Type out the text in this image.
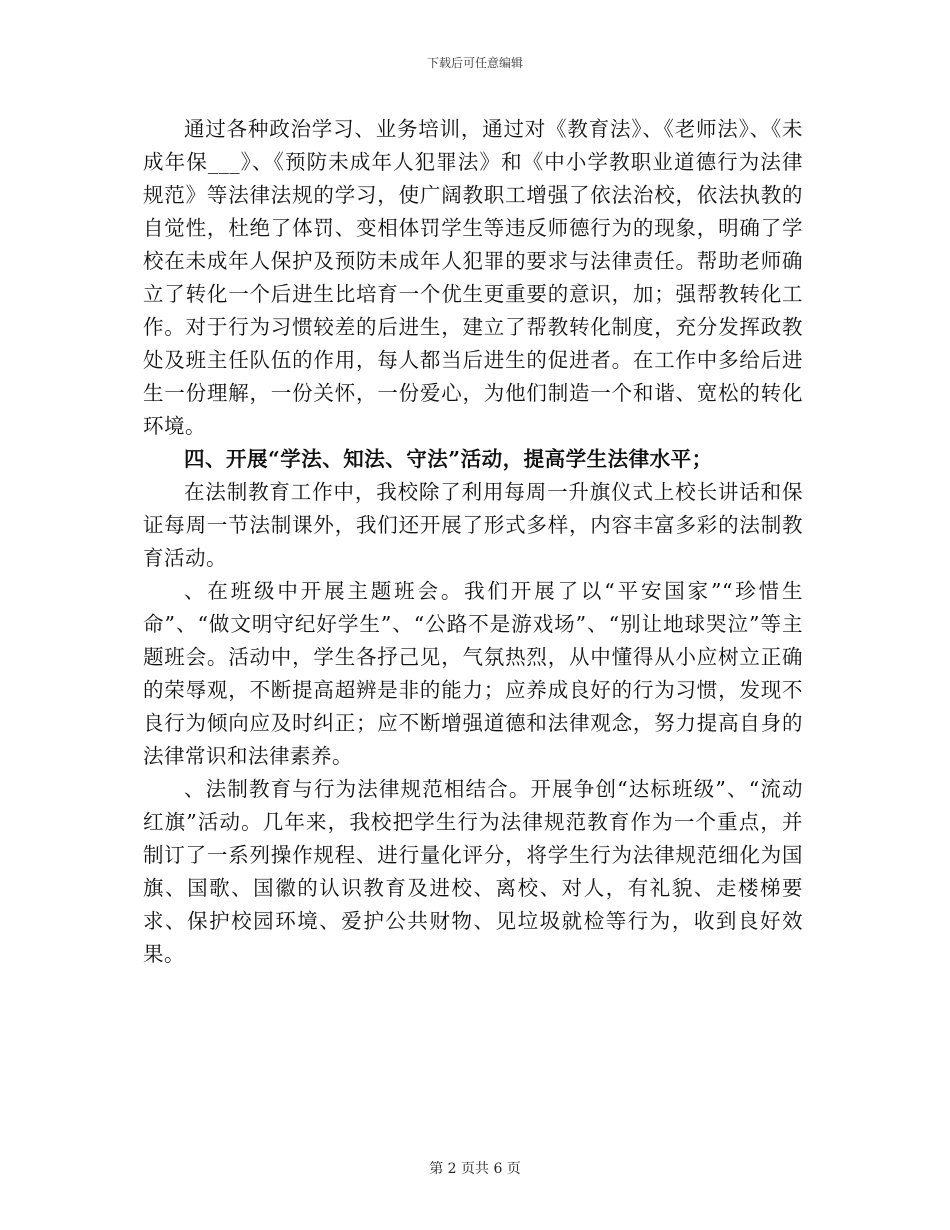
下载后可任意编辑

通过各种政治学习、业务培训，通过对《教育法》、《老师法》、《未成年保___》、《预防未成年人犯罪法》和《中小学教职业道德行为法律规范》等法律法规的学习，使广阔教职工增强了依法治校，依法执教的自觉性，杜绝了体罚、变相体罚学生等违反师德行为的现象，明确了学校在未成年人保护及预防未成年人犯罪的要求与法律责任。帮助老师确立了转化一个后进生比培育一个优生更重要的意识，加；强帮教转化工作。对于行为习惯较差的后进生，建立了帮教转化制度，充分发挥政教处及班主任队伍的作用，每人都当后进生的促进者。在工作中多给后进生一份理解，一份关怀，一份爱心，为他们制造一个和谐、宽松的转化环境。

四、开展“学法、知法、守法”活动，提高学生法律水平；

在法制教育工作中，我校除了利用每周一升旗仪式上校长讲话和保证每周一节法制课外，我们还开展了形式多样，内容丰富多彩的法制教育活动。

、在班级中开展主题班会。我们开展了以“平安国家”“珍惜生命”、“做文明守纪好学生”、“公路不是游戏场”、“别让地球哭泣”等主题班会。活动中，学生各抒己见，气氛热烈，从中懂得从小应树立正确的荣辱观，不断提高超辨是非的能力；应养成良好的行为习惯，发现不良行为倾向应及时纠正；应不断增强道德和法律观念，努力提高自身的法律常识和法律素养。

、法制教育与行为法律规范相结合。开展争创“达标班级”、“流动红旗”活动。几年来，我校把学生行为法律规范教育作为一个重点，并制订了一系列操作规程、进行量化评分，将学生行为法律规范细化为国旗、国歌、国徽的认识教育及进校、离校、对人，有礼貌、走楼梯要求、保护校园环境、爱护公共财物、见垃圾就检等行为，收到良好效果。

第 2 页共 6 页
